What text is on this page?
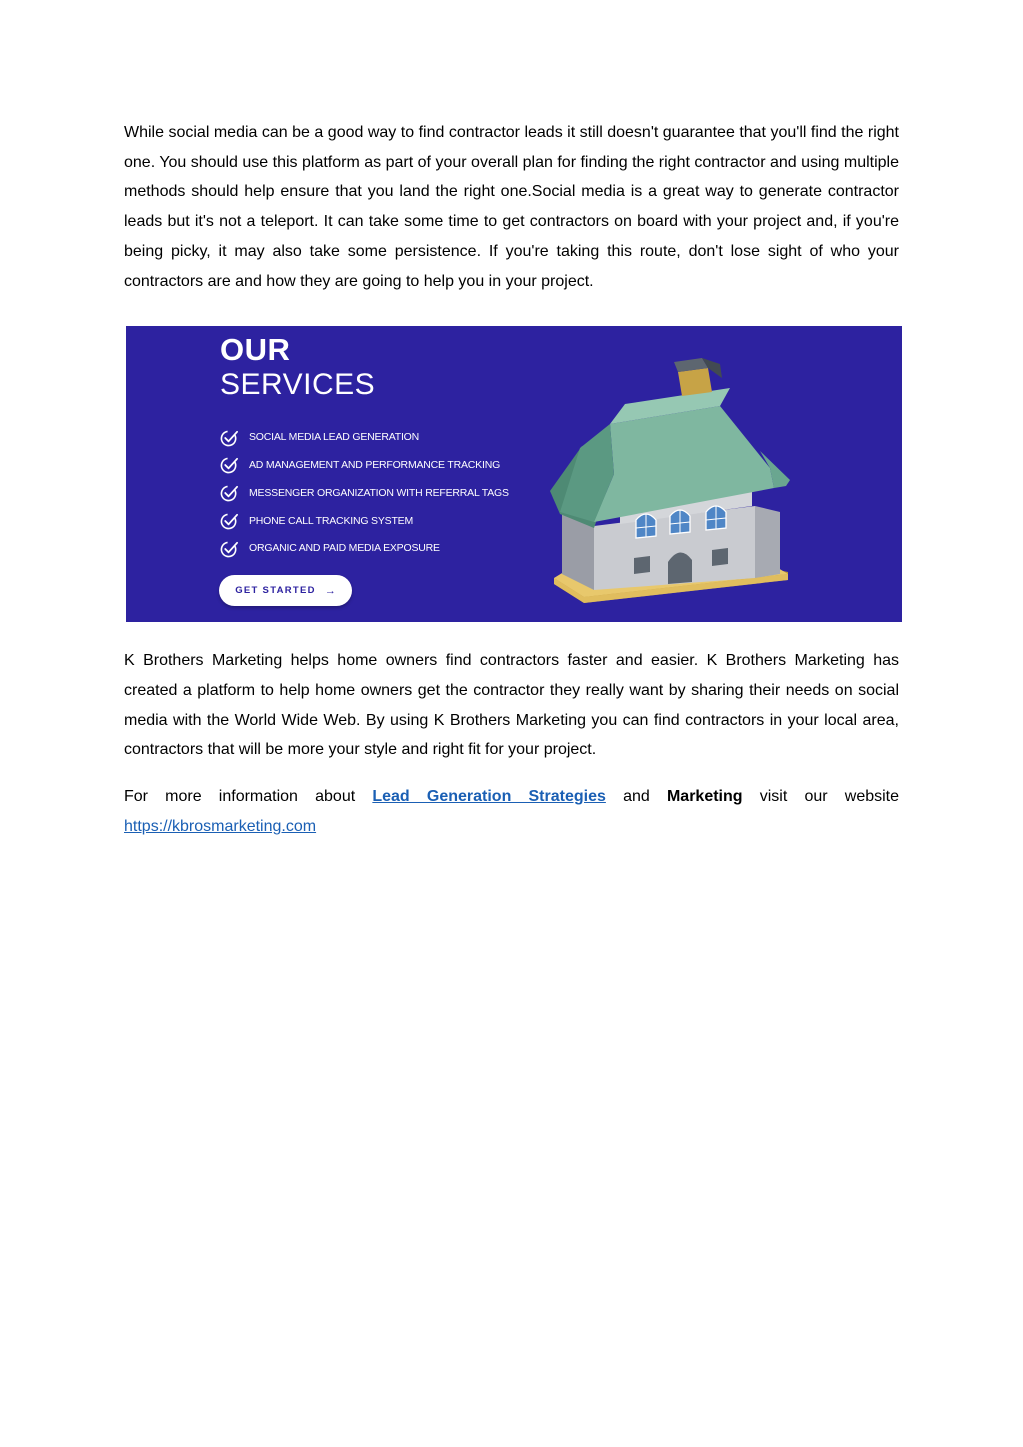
While social media can be a good way to find contractor leads it still doesn't guarantee that you'll find the right one. You should use this platform as part of your overall plan for finding the right contractor and using multiple methods should help ensure that you land the right one.Social media is a great way to generate contractor leads but it's not a teleport. It can take some time to get contractors on board with your project and, if you're being picky, it may also take some persistence. If you're taking this route, don't lose sight of who your contractors are and how they are going to help you in your project.

OUR
SERVICES
SOCIAL MEDIA LEAD GENERATION
AD MANAGEMENT AND PERFORMANCE TRACKING
MESSENGER ORGANIZATION WITH REFERRAL TAGS
PHONE CALL TRACKING SYSTEM
ORGANIC AND PAID MEDIA EXPOSURE
GET STARTED →

K Brothers Marketing helps home owners find contractors faster and easier. K Brothers Marketing has created a platform to help home owners get the contractor they really want by sharing their needs on social media with the World Wide Web. By using K Brothers Marketing you can find contractors in your local area, contractors that will be more your style and right fit for your project.

For more information about Lead Generation Strategies and Marketing visit our website https://kbrosmarketing.com
